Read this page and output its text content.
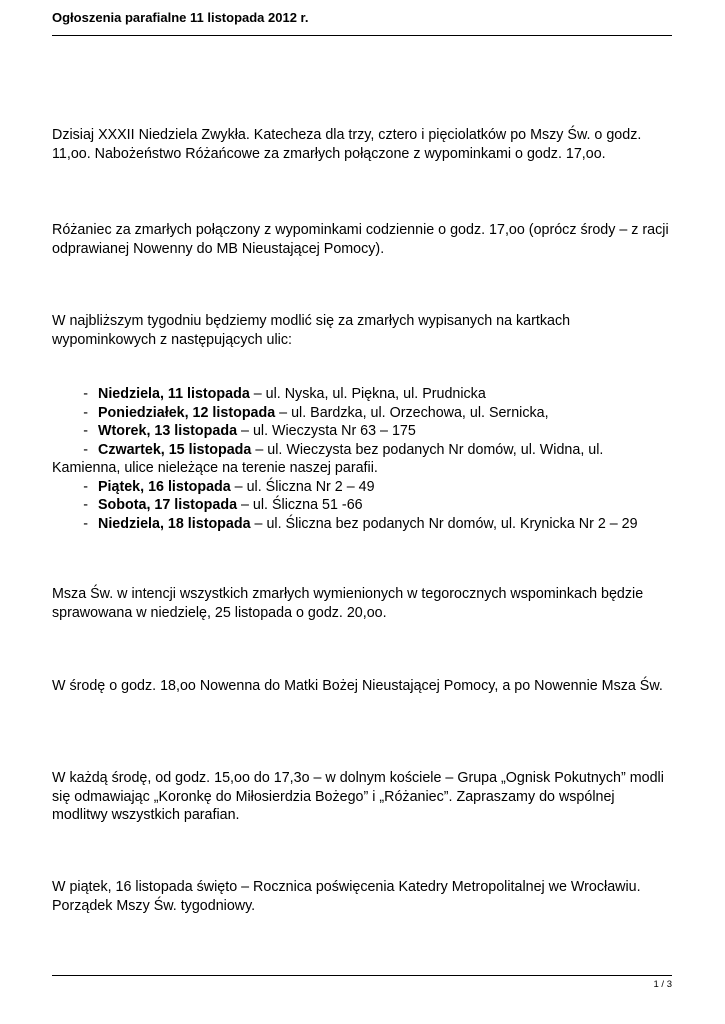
Ogłoszenia parafialne 11 listopada 2012 r.
Dzisiaj XXXII Niedziela Zwykła. Katecheza dla trzy, cztero i pięciolatków po Mszy Św. o godz. 11,oo. Nabożeństwo Różańcowe za zmarłych połączone z wypominkami o godz. 17,oo.
Różaniec za zmarłych połączony z wypominkami codziennie o godz. 17,oo (oprócz środy – z racji odprawianej Nowenny do MB Nieustającej Pomocy).
W najbliższym tygodniu będziemy modlić się za zmarłych wypisanych na kartkach wypominkowych z następujących ulic:
- Niedziela, 11 listopada – ul. Nyska, ul. Piękna, ul. Prudnicka
- Poniedziałek, 12 listopada – ul. Bardzka, ul. Orzechowa, ul. Sernicka,
- Wtorek, 13 listopada – ul. Wieczysta Nr 63 – 175
- Czwartek, 15 listopada – ul. Wieczysta bez podanych Nr domów, ul. Widna, ul. Kamienna, ulice nieleżące na terenie naszej parafii.
- Piątek, 16 listopada – ul. Śliczna Nr 2 – 49
- Sobota, 17 listopada – ul. Śliczna 51 -66
- Niedziela, 18 listopada – ul. Śliczna bez podanych Nr domów, ul. Krynicka Nr 2 – 29
Msza Św. w intencji wszystkich zmarłych wymienionych w tegorocznych wspominkach będzie sprawowana w niedzielę, 25 listopada o godz. 20,oo.
W środę o godz. 18,oo Nowenna do Matki Bożej Nieustającej Pomocy, a po Nowennie Msza Św.
W każdą środę, od godz. 15,oo do 17,3o – w dolnym kościele – Grupa „Ognisk Pokutnych” modli się odmawiając „Koronkę do Miłosierdzia Bożego” i „Różaniec”. Zapraszamy do wspólnej modlitwy wszystkich parafian.
W piątek, 16 listopada święto – Rocznica poświęcenia Katedry Metropolitalnej we Wrocławiu. Porządek Mszy Św. tygodniowy.
1 / 3
